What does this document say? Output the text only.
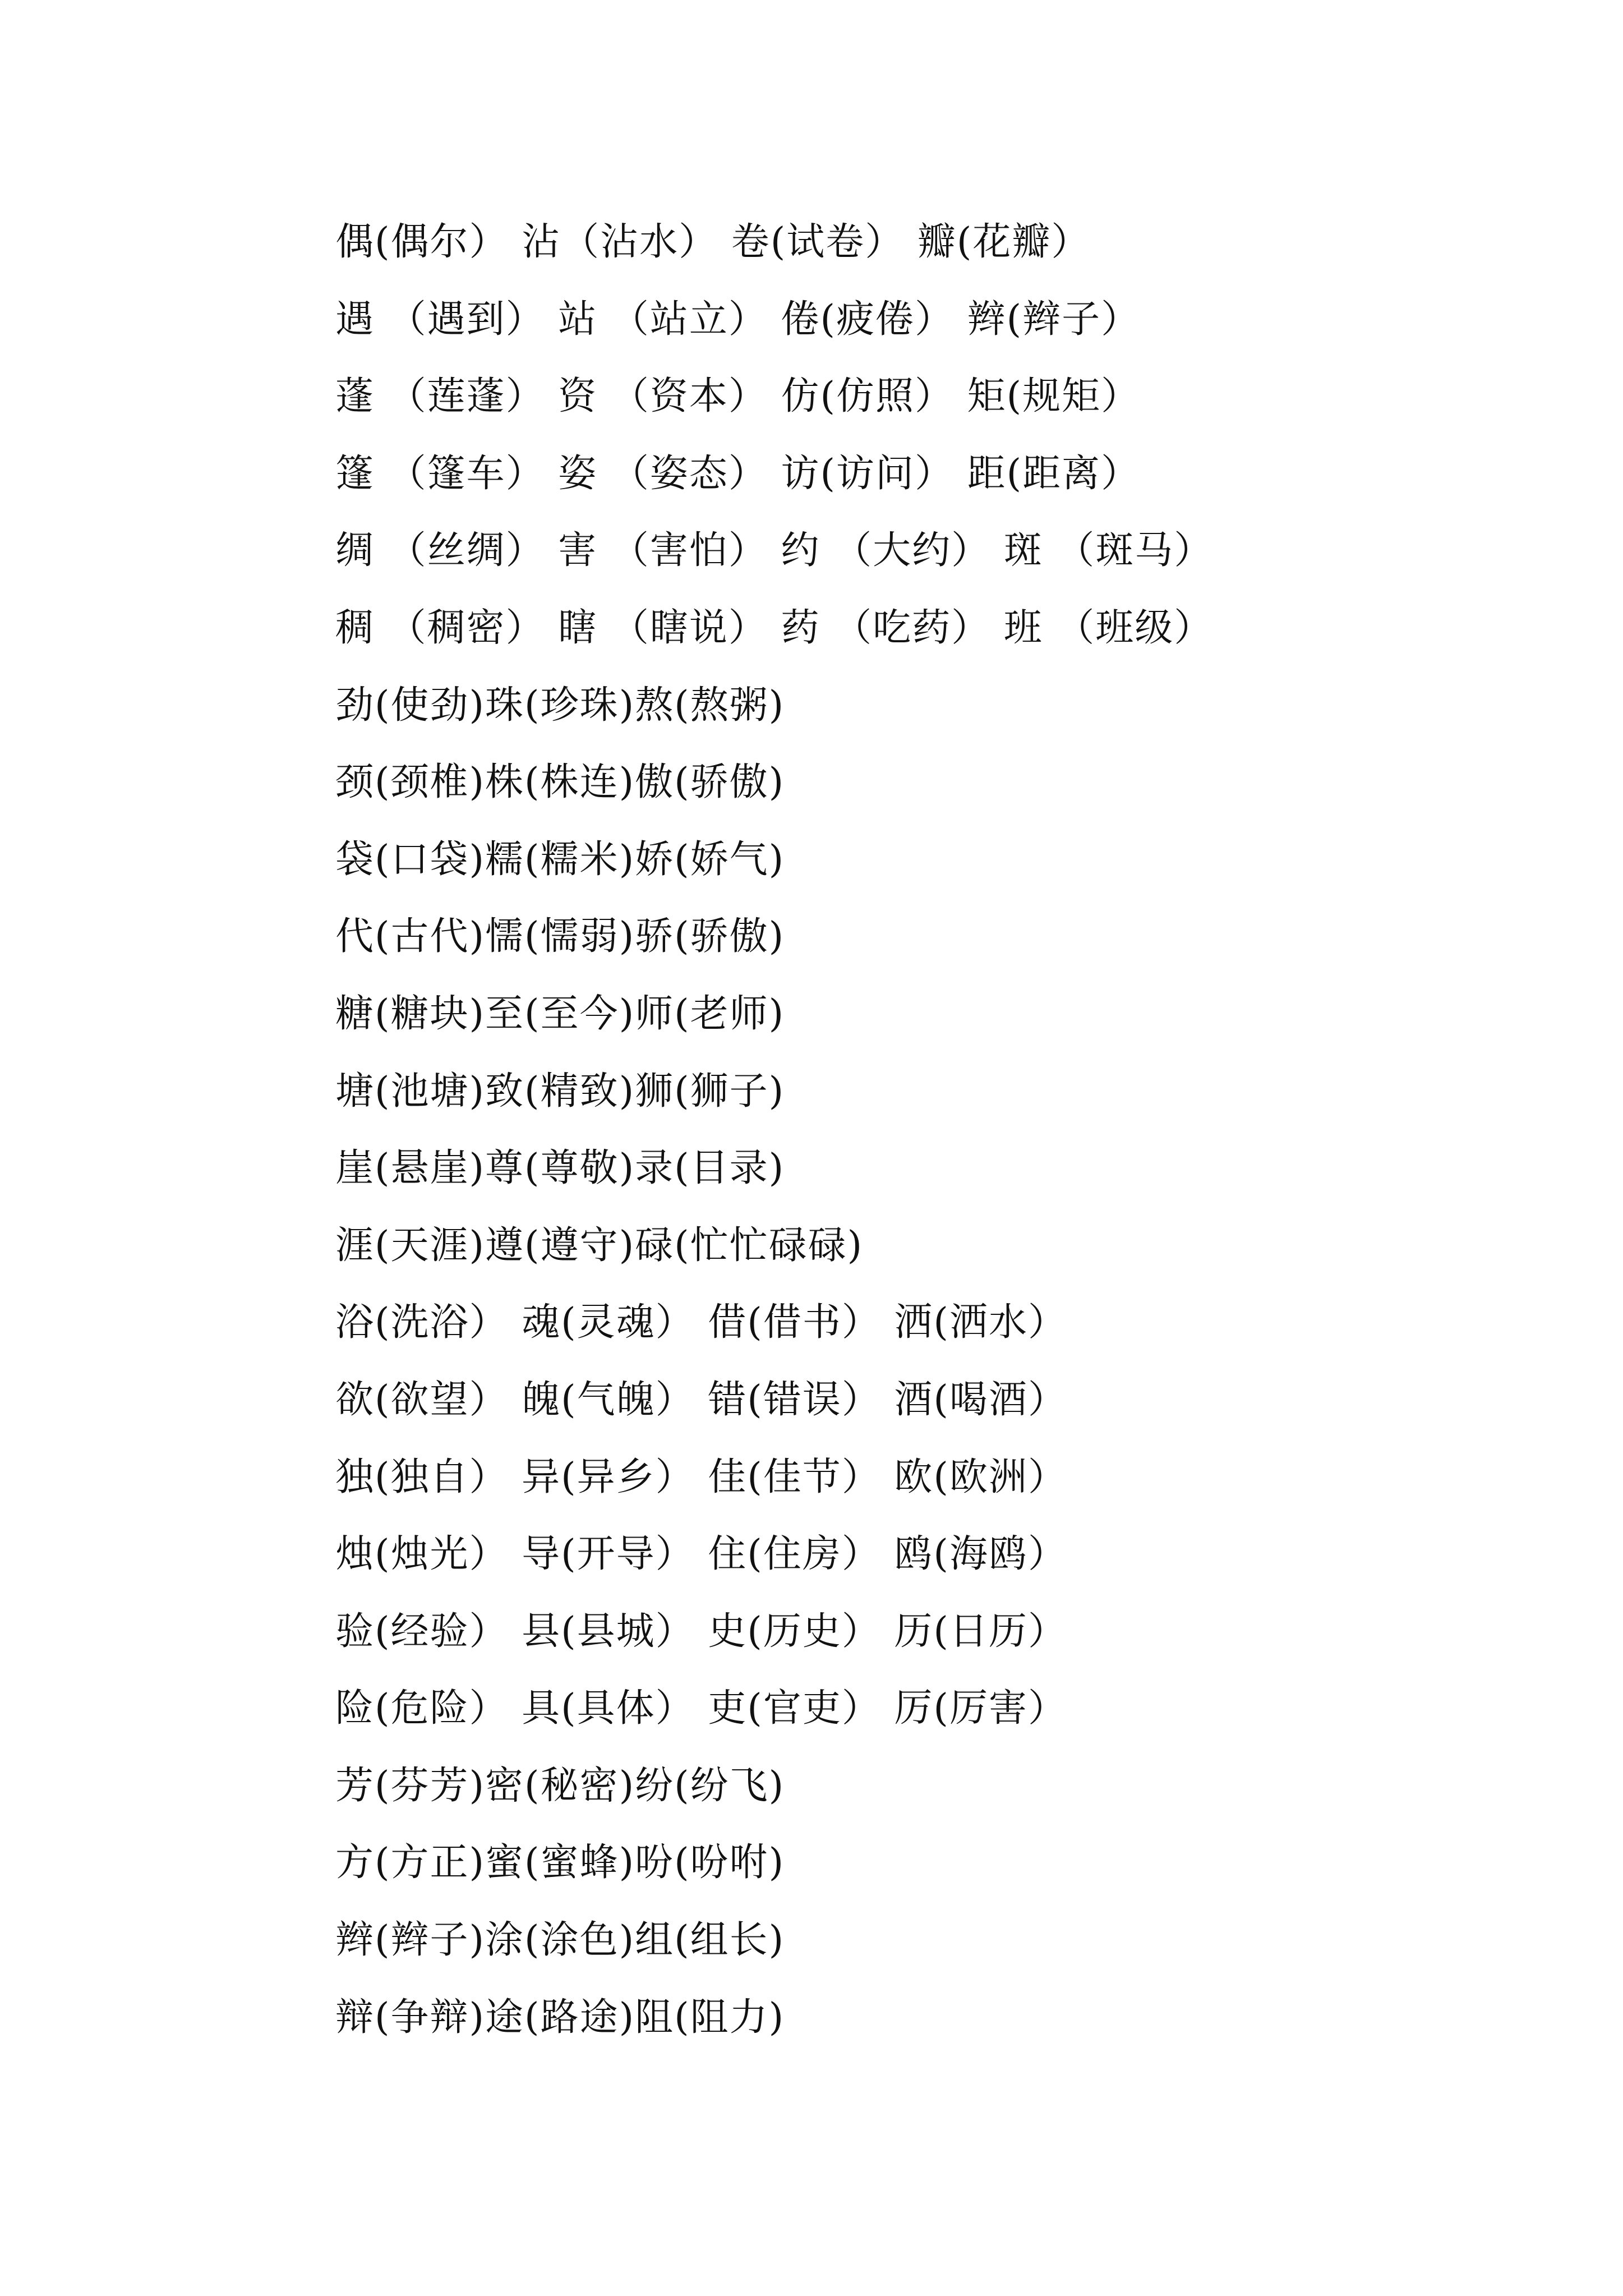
偶(偶尔） 沾（沾水） 卷(试卷） 瓣(花瓣）
遇 （遇到） 站 （站立） 倦(疲倦） 辫(辫子）
蓬 （莲蓬） 资 （资本） 仿(仿照） 矩(规矩）
篷 （篷车） 姿 （姿态） 访(访问） 距(距离）
绸 （丝绸） 害 （害怕） 约 （大约） 斑 （斑马）
稠 （稠密） 瞎 （瞎说） 药 （吃药） 班 （班级）
劲(使劲)珠(珍珠)熬(熬粥)
颈(颈椎)株(株连)傲(骄傲)
袋(口袋)糯(糯米)娇(娇气)
代(古代)懦(懦弱)骄(骄傲)
糖(糖块)至(至今)师(老师)
塘(池塘)致(精致)狮(狮子)
崖(悬崖)尊(尊敬)录(目录)
涯(天涯)遵(遵守)碌(忙忙碌碌)
浴(洗浴） 魂(灵魂） 借(借书） 洒(洒水）
欲(欲望） 魄(气魄） 错(错误） 酒(喝酒）
独(独自） 异(异乡） 佳(佳节） 欧(欧洲）
烛(烛光） 导(开导） 住(住房） 鸥(海鸥）
验(经验） 县(县城） 史(历史） 历(日历）
险(危险） 具(具体） 吏(官吏） 厉(厉害）
芳(芬芳)密(秘密)纷(纷飞)
方(方正)蜜(蜜蜂)吩(吩咐)
辫(辫子)涂(涂色)组(组长)
辩(争辩)途(路途)阻(阻力)
